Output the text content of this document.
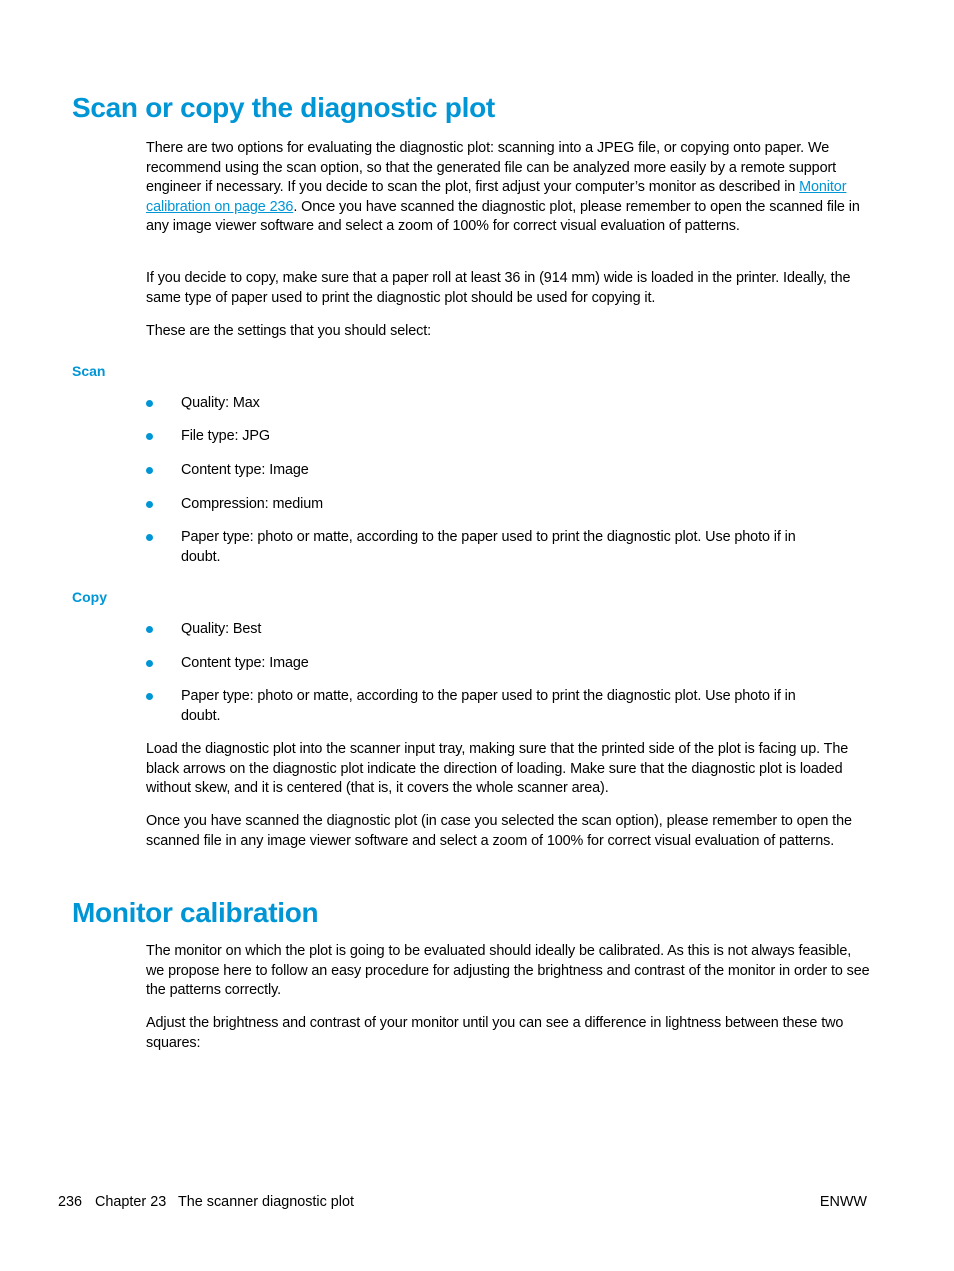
Scan or copy the diagnostic plot

There are two options for evaluating the diagnostic plot: scanning into a JPEG file, or copying onto paper. We recommend using the scan option, so that the generated file can be analyzed more easily by a remote support engineer if necessary. If you decide to scan the plot, first adjust your computer’s monitor as described in Monitor calibration on page 236. Once you have scanned the diagnostic plot, please remember to open the scanned file in any image viewer software and select a zoom of 100% for correct visual evaluation of patterns.

If you decide to copy, make sure that a paper roll at least 36 in (914 mm) wide is loaded in the printer. Ideally, the same type of paper used to print the diagnostic plot should be used for copying it.

These are the settings that you should select:

Scan
Quality: Max
File type: JPG
Content type: Image
Compression: medium
Paper type: photo or matte, according to the paper used to print the diagnostic plot. Use photo if in doubt.
Copy
Quality: Best
Content type: Image
Paper type: photo or matte, according to the paper used to print the diagnostic plot. Use photo if in doubt.

Load the diagnostic plot into the scanner input tray, making sure that the printed side of the plot is facing up. The black arrows on the diagnostic plot indicate the direction of loading. Make sure that the diagnostic plot is loaded without skew, and it is centered (that is, it covers the whole scanner area).

Once you have scanned the diagnostic plot (in case you selected the scan option), please remember to open the scanned file in any image viewer software and select a zoom of 100% for correct visual evaluation of patterns.

Monitor calibration

The monitor on which the plot is going to be evaluated should ideally be calibrated. As this is not always feasible, we propose here to follow an easy procedure for adjusting the brightness and contrast of the monitor in order to see the patterns correctly.

Adjust the brightness and contrast of your monitor until you can see a difference in lightness between these two squares:

236 Chapter 23 The scanner diagnostic plot	ENWW
